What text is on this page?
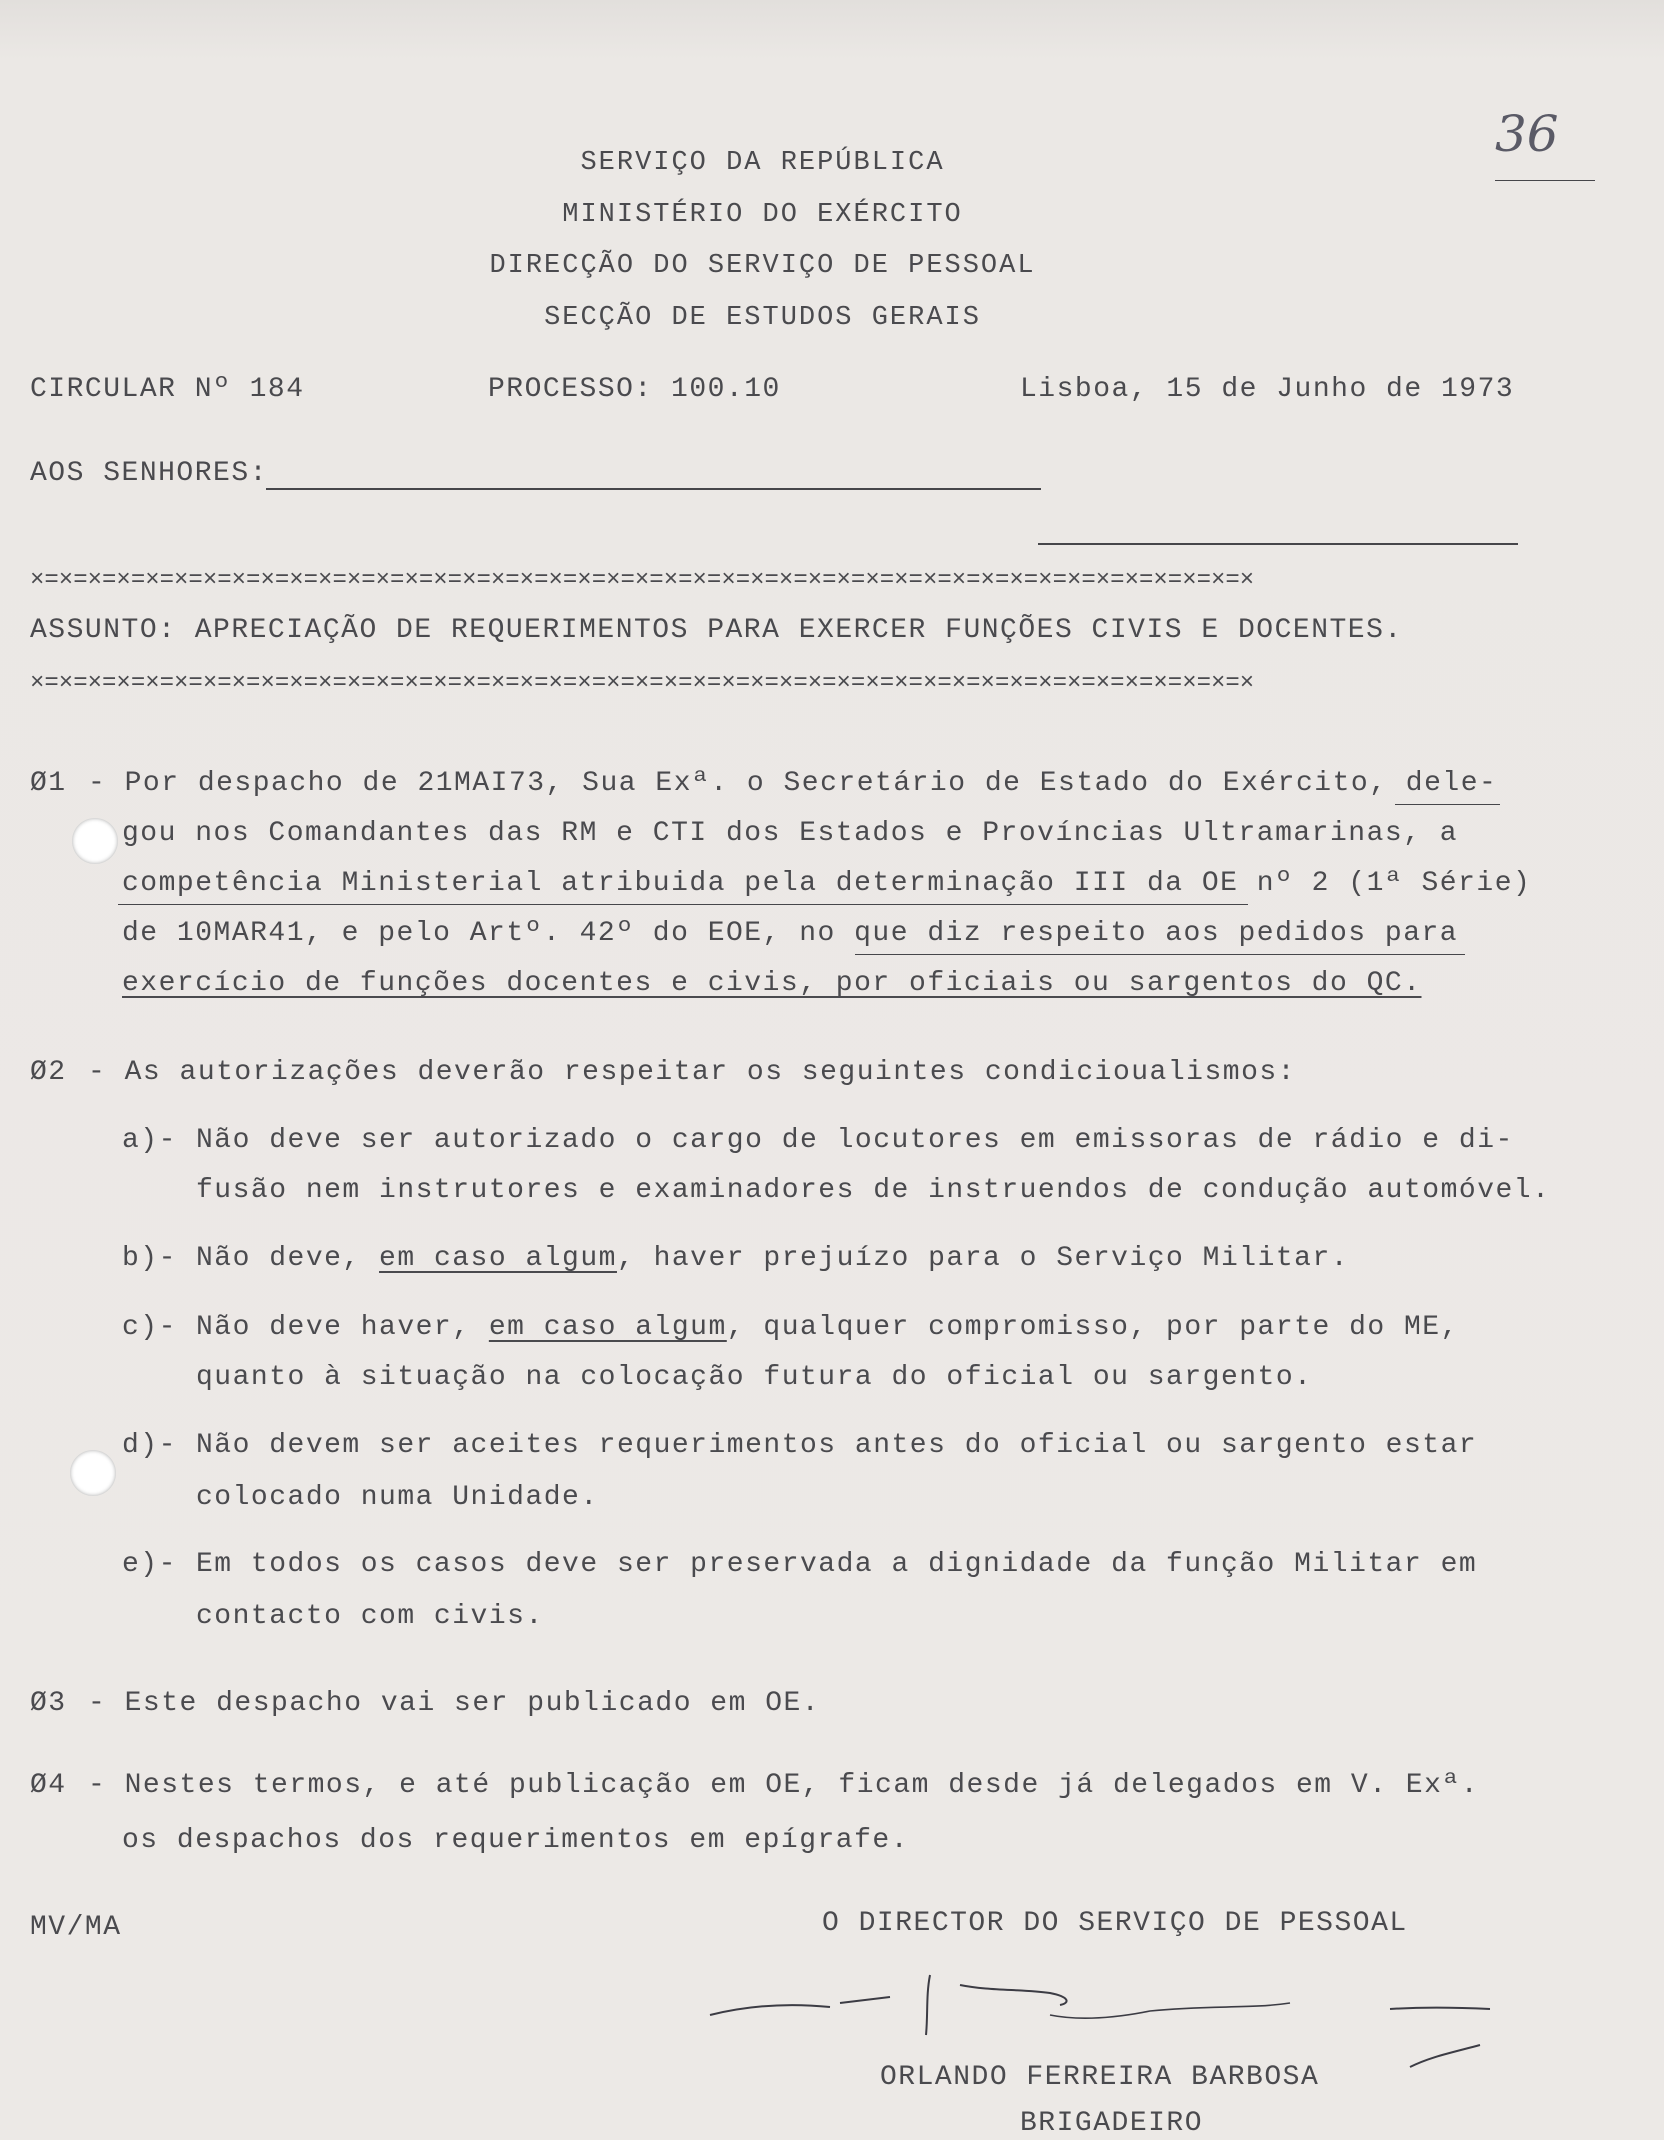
36
SERVIÇO DA REPÚBLICA
MINISTÉRIO DO EXÉRCITO
DIRECÇÃO DO SERVIÇO DE PESSOAL
SECÇÃO DE ESTUDOS GERAIS
CIRCULAR Nº 184	PROCESSO: 100.10	Lisboa, 15 de Junho de 1973
AOS SENHORES:
×=×=×=×=×=×=×=×=×=×=×=×=×=×=×=×=×=×=×=×=×=×=×=×=×=×=×=×=×=×=×=×=×=×=×=×=×=×=×=×=×=×=×
ASSUNTO: APRECIAÇÃO DE REQUERIMENTOS PARA EXERCER FUNÇÕES CIVIS E DOCENTES.
×=×=×=×=×=×=×=×=×=×=×=×=×=×=×=×=×=×=×=×=×=×=×=×=×=×=×=×=×=×=×=×=×=×=×=×=×=×=×=×=×=×=×
Ø1 - Por despacho de 21MAI73, Sua Exª. o Secretário de Estado do Exército, dele-
gou nos Comandantes das RM e CTI dos Estados e Províncias Ultramarinas, a
competência Ministerial atribuida pela determinação III da OE nº 2 (1ª Série)
de 10MAR41, e pelo Artº. 42º do EOE, no que diz respeito aos pedidos para
exercício de funções docentes e civis, por oficiais ou sargentos do QC.
Ø2 - As autorizações deverão respeitar os seguintes condicioualismos:
a)- Não deve ser autorizado o cargo de locutores em emissoras de rádio e di-
fusão nem instrutores e examinadores de instruendos de condução automóvel.
b)- Não deve, em caso algum, haver prejuízo para o Serviço Militar.
c)- Não deve haver, em caso algum, qualquer compromisso, por parte do ME,
quanto à situação na colocação futura do oficial ou sargento.
d)- Não devem ser aceites requerimentos antes do oficial ou sargento estar
colocado numa Unidade.
e)- Em todos os casos deve ser preservada a dignidade da função Militar em
contacto com civis.
Ø3 - Este despacho vai ser publicado em OE.
Ø4 - Nestes termos, e até publicação em OE, ficam desde já delegados em V. Exª.
os despachos dos requerimentos em epígrafe.
MV/MA	O DIRECTOR DO SERVIÇO DE PESSOAL
ORLANDO FERREIRA BARBOSA
BRIGADEIRO
